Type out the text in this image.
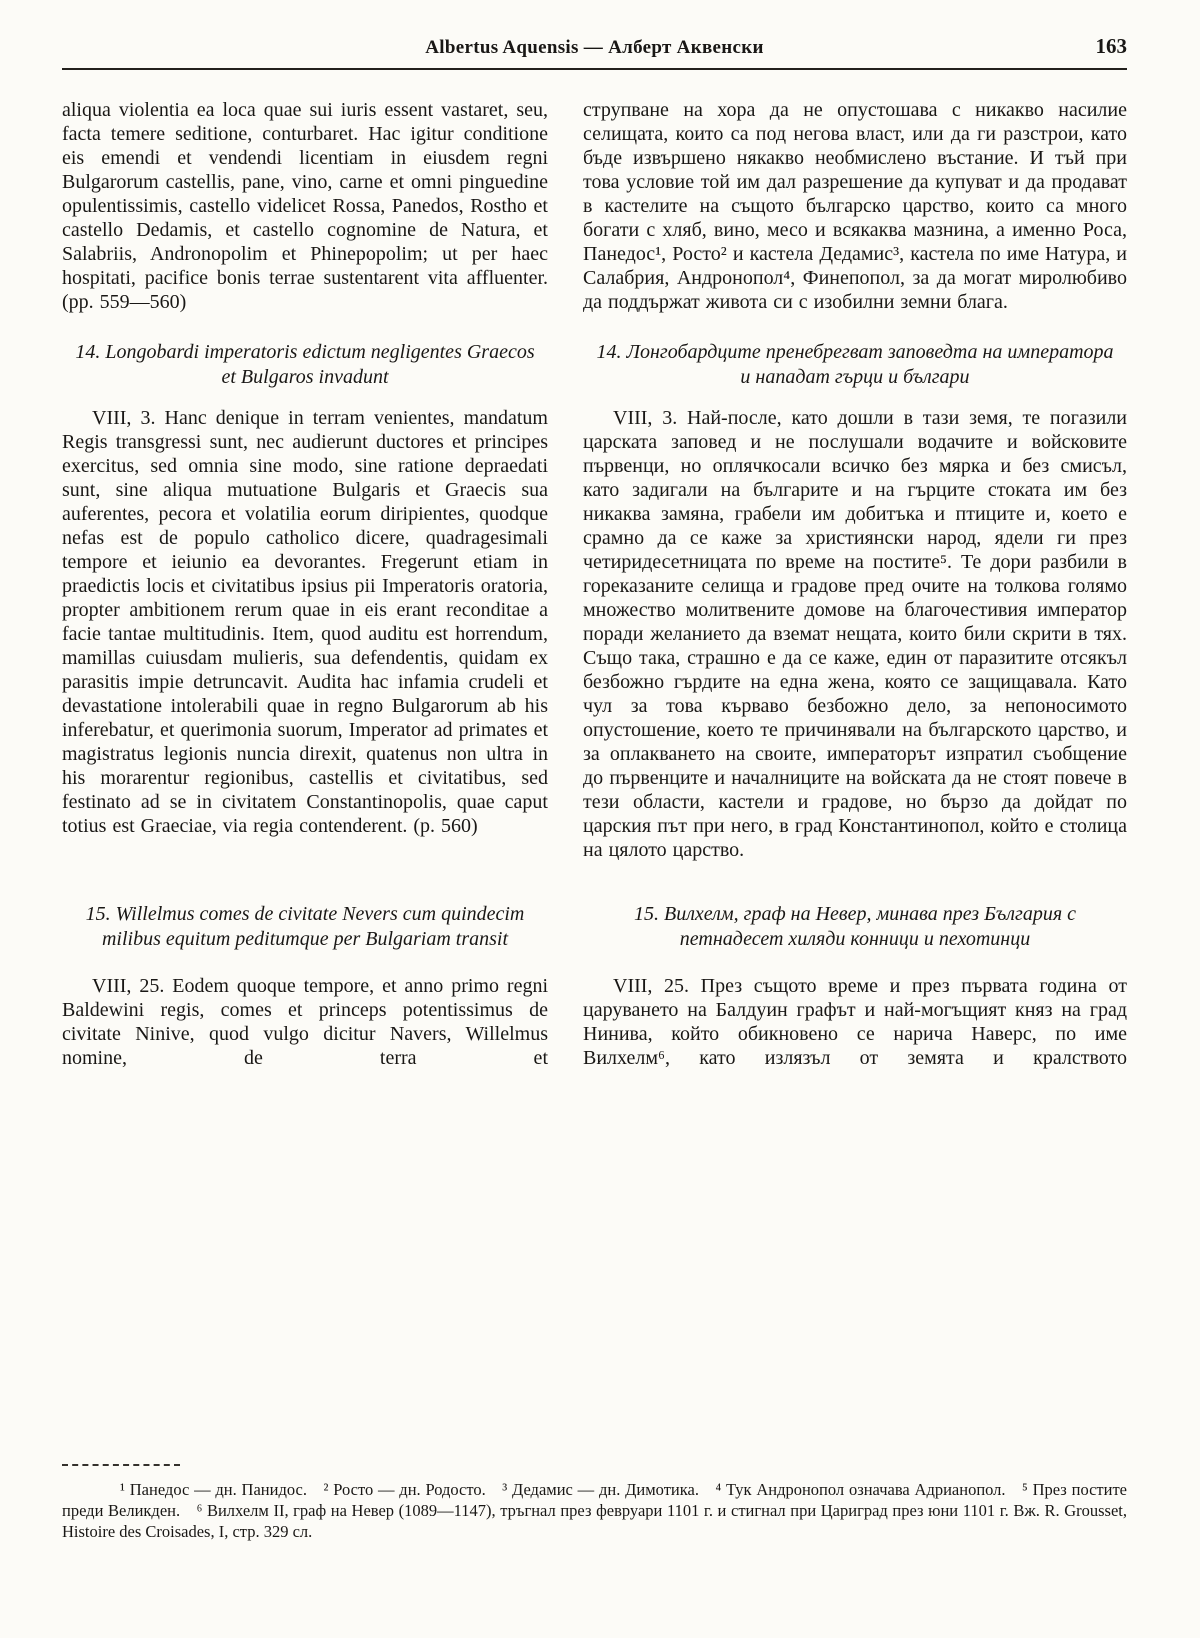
Albertus Aquensis — Алберт Аквенски	163

aliqua violentia ea loca quae sui iuris essent vastaret, seu, facta temere seditione, conturbaret. Hac igitur conditione eis emendi et vendendi licentiam in eiusdem regni Bulgarorum castellis, pane, vino, carne et omni pinguedine opulentissimis, castello videlicet Rossa, Panedos, Rostho et castello Dedamis, et castello cognomine de Natura, et Salabriis, Andronopolim et Phinepopolim; ut per haec hospitati, pacifice bonis terrae sustentarent vita affluenter. (pp. 559—560)

струпване на хора да не опустошава с никакво насилие селищата, които са под негова власт, или да ги разстрои, като бъде извършено някакво необмислено въстание. И тъй при това условие той им дал разрешение да купуват и да продават в кастелите на същото българско царство, които са много богати с хляб, вино, месо и всякаква мазнина, а именно Роса, Панедос¹, Росто² и кастела Дедамис³, кастела по име Натура, и Салабрия, Андронопол⁴, Финепопол, за да могат миролюбиво да поддържат живота си с изобилни земни блага.

14. Longobardi imperatoris edictum negligentes Graecos et Bulgaros invadunt
14. Лонгобардците пренебрегват заповедта на императора и нападат гърци и българи

VIII, 3. Hanc denique in terram venientes, mandatum Regis transgressi sunt, nec audierunt ductores et principes exercitus, sed omnia sine modo, sine ratione depraedati sunt, sine aliqua mutuatione Bulgaris et Graecis sua auferentes, pecora et volatilia eorum diripientes, quodque nefas est de populo catholico dicere, quadragesimali tempore et ieiunio ea devorantes. Fregerunt etiam in praedictis locis et civitatibus ipsius pii Imperatoris oratoria, propter ambitionem rerum quae in eis erant reconditae a facie tantae multitudinis. Item, quod auditu est horrendum, mamillas cuiusdam mulieris, sua defendentis, quidam ex parasitis impie detruncavit. Audita hac infamia crudeli et devastatione intolerabili quae in regno Bulgarorum ab his inferebatur, et querimonia suorum, Imperator ad primates et magistratus legionis nuncia direxit, quatenus non ultra in his morarentur regionibus, castellis et civitatibus, sed festinato ad se in civitatem Constantinopolis, quae caput totius est Graeciae, via regia contenderent. (p. 560)

VIII, 3. Най-после, като дошли в тази земя, те погазили царската заповед и не послушали водачите и войсковите първенци, но оплячкосали всичко без мярка и без смисъл, като задигали на българите и на гърците стоката им без никаква замяна, грабели им добитъка и птиците и, което е срамно да се каже за християнски народ, ядели ги през четиридесетницата по време на постите⁵. Те дори разбили в гореказаните селища и градове пред очите на толкова голямо множество молитвените домове на благочестивия император поради желанието да вземат нещата, които били скрити в тях. Също така, страшно е да се каже, един от паразитите отсякъл безбожно гърдите на една жена, която се защищавала. Като чул за това кърваво безбожно дело, за непоносимото опустошение, което те причинявали на българското царство, и за оплакването на своите, императорът изпратил съобщение до първенците и началниците на войската да не стоят повече в тези области, кастели и градове, но бързо да дойдат по царския път при него, в град Константинопол, който е столица на цялото царство.

15. Willelmus comes de civitate Nevers cum quindecim milibus equitum peditumque per Bulgariam transit
15. Вилхелм, граф на Невер, минава през България с петнадесет хиляди конници и пехотинци

VIII, 25. Eodem quoque tempore, et anno primo regni Baldewini regis, comes et princeps potentissimus de civitate Ninive, quod vulgo dicitur Navers, Willelmus nomine, de terra et

VIII, 25. През същото време и през първата година от царуването на Балдуин графът и най-могъщият княз на град Нинива, който обикновено се нарича Наверс, по име Вилхелм⁶, като излязъл от земята и кралството

¹ Панедос — дн. Панидос. ² Росто — дн. Родосто. ³ Дедамис — дн. Димотика. ⁴ Тук Андронопол означава Адрианопол. ⁵ През постите преди Великден. ⁶ Вилхелм II, граф на Невер (1089—1147), тръгнал през февруари 1101 г. и стигнал при Цариград през юни 1101 г. Вж. R. Grousset, Histoire des Croisades, I, стр. 329 сл.
